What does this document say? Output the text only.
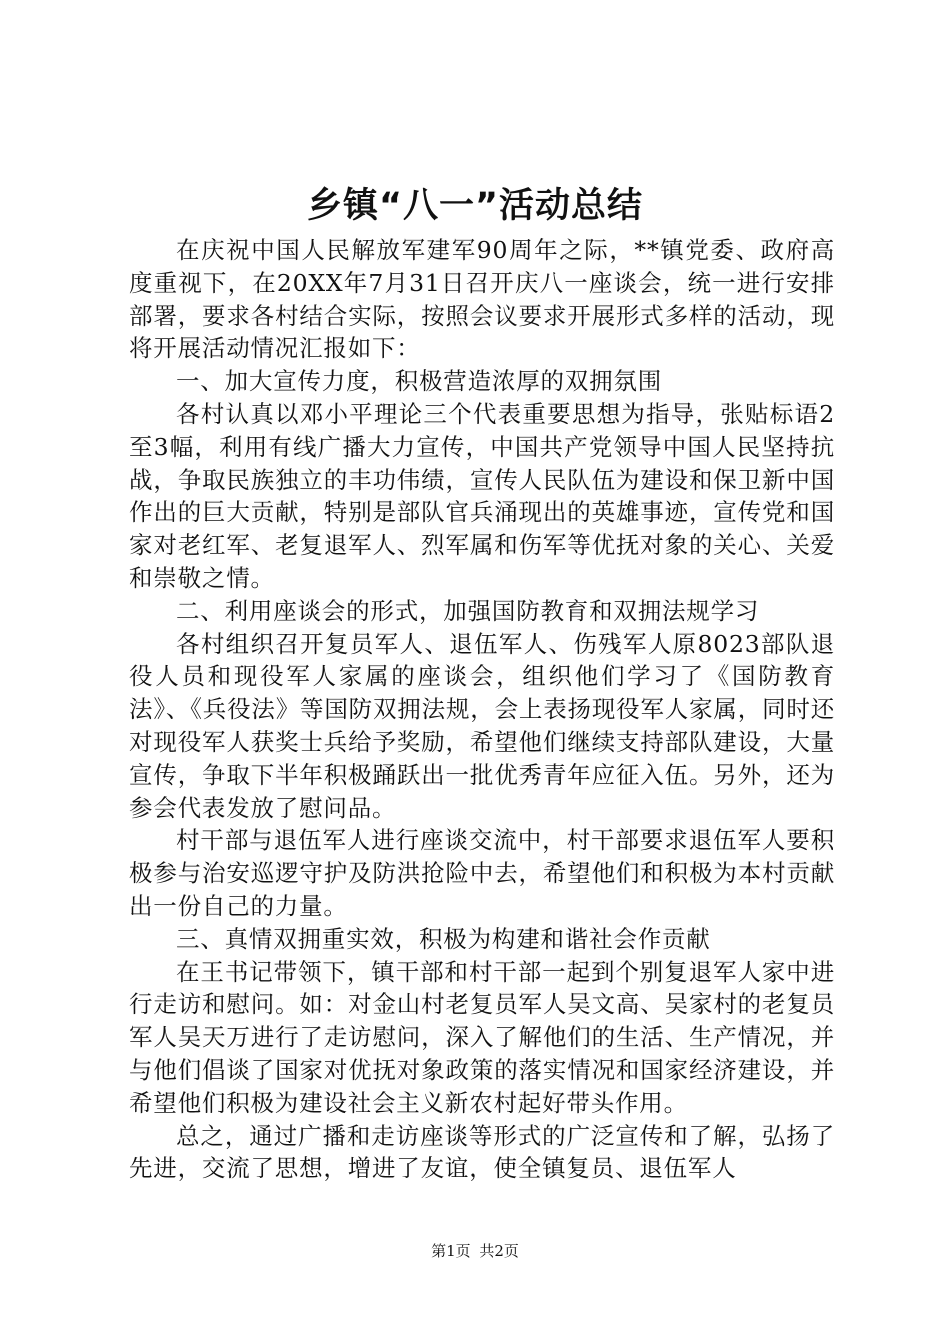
乡镇“八一”活动总结

在庆祝中国人民解放军建军90周年之际，**镇党委、政府高度重视下，在20XX年7月31日召开庆八一座谈会，统一进行安排部署，要求各村结合实际，按照会议要求开展形式多样的活动，现将开展活动情况汇报如下：

一、加大宣传力度，积极营造浓厚的双拥氛围

各村认真以邓小平理论三个代表重要思想为指导，张贴标语2至3幅，利用有线广播大力宣传，中国共产党领导中国人民坚持抗战，争取民族独立的丰功伟绩，宣传人民队伍为建设和保卫新中国作出的巨大贡献，特别是部队官兵涌现出的英雄事迹，宣传党和国家对老红军、老复退军人、烈军属和伤军等优抚对象的关心、关爱和崇敬之情。

二、利用座谈会的形式，加强国防教育和双拥法规学习

各村组织召开复员军人、退伍军人、伤残军人原8023部队退役人员和现役军人家属的座谈会，组织他们学习了《国防教育法》、《兵役法》等国防双拥法规，会上表扬现役军人家属，同时还对现役军人获奖士兵给予奖励，希望他们继续支持部队建设，大量宣传，争取下半年积极踊跃出一批优秀青年应征入伍。另外，还为参会代表发放了慰问品。

村干部与退伍军人进行座谈交流中，村干部要求退伍军人要积极参与治安巡逻守护及防洪抢险中去，希望他们和积极为本村贡献出一份自己的力量。

三、真情双拥重实效，积极为构建和谐社会作贡献

在王书记带领下，镇干部和村干部一起到个别复退军人家中进行走访和慰问。如：对金山村老复员军人吴文高、吴家村的老复员军人吴天万进行了走访慰问，深入了解他们的生活、生产情况，并与他们倡谈了国家对优抚对象政策的落实情况和国家经济建设，并希望他们积极为建设社会主义新农村起好带头作用。

总之，通过广播和走访座谈等形式的广泛宣传和了解，弘扬了先进，交流了思想，增进了友谊，使全镇复员、退伍军人

第1页 共2页
